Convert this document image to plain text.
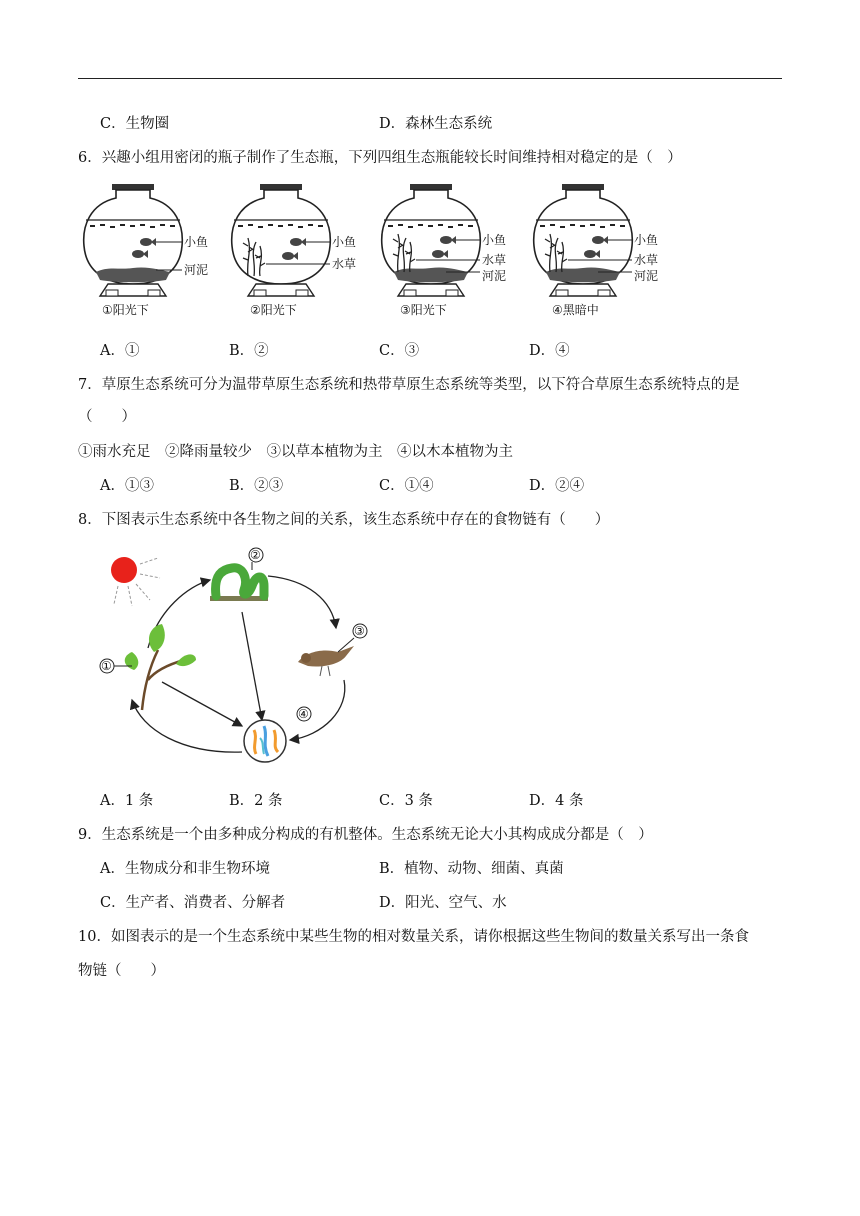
C．生物圈	D．森林生态系统
6．兴趣小组用密闭的瓶子制作了生态瓶，下列四组生态瓶能较长时间维持相对稳定的是（　）
小鱼
河泥
①阳光下
小鱼
水草
②阳光下
小鱼
水草
河泥
③阳光下
小鱼
水草
河泥
④黑暗中
A．①	B．②	C．③	D．④
7．草原生态系统可分为温带草原生态系统和热带草原生态系统等类型，以下符合草原生态系统特点的是
（　　）
①雨水充足　②降雨量较少　③以草本植物为主　④以木本植物为主
A．①③	B．②③	C．①④	D．②④
8．下图表示生态系统中各生物之间的关系，该生态系统中存在的食物链有（　　）
①
②
③
④
A．1 条	B．2 条	C．3 条	D．4 条
9．生态系统是一个由多种成分构成的有机整体。生态系统无论大小其构成成分都是（　）
A．生物成分和非生物环境	B．植物、动物、细菌、真菌
C．生产者、消费者、分解者	D．阳光、空气、水
10．如图表示的是一个生态系统中某些生物的相对数量关系，请你根据这些生物间的数量关系写出一条食
物链（　　）
